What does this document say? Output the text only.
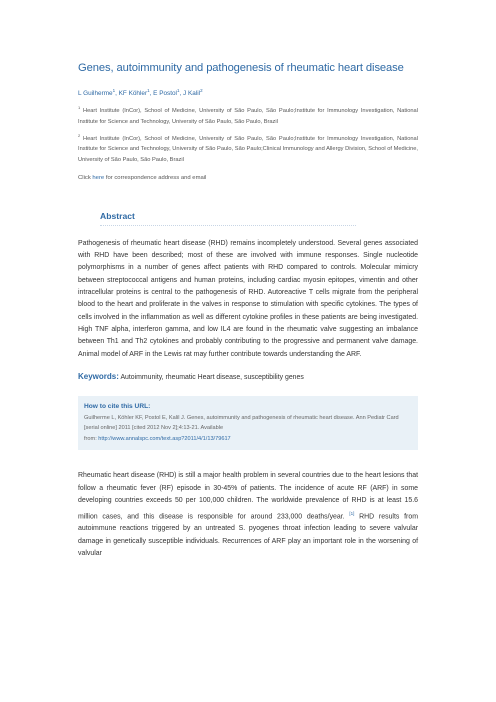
Genes, autoimmunity and pathogenesis of rheumatic heart disease
L Guilherme$^1$, KF Köhler$^1$, E Postol$^1$, J Kalil$^2$
$^1$ Heart Institute (InCor), School of Medicine, University of São Paulo, São Paulo;Institute for Immunology Investigation, National Institute for Science and Technology, University of São Paulo, São Paulo, Brazil
$^2$ Heart Institute (InCor), School of Medicine, University of São Paulo, São Paulo;Institute for Immunology Investigation, National Institute for Science and Technology, University of São Paulo, São Paulo;Clinical Immunology and Allergy Division, School of Medicine, University of São Paulo, São Paulo, Brazil
Click here for correspondence address and email
Abstract
Pathogenesis of rheumatic heart disease (RHD) remains incompletely understood. Several genes associated with RHD have been described; most of these are involved with immune responses. Single nucleotide polymorphisms in a number of genes affect patients with RHD compared to controls. Molecular mimicry between streptococcal antigens and human proteins, including cardiac myosin epitopes, vimentin and other intracellular proteins is central to the pathogenesis of RHD. Autoreactive T cells migrate from the peripheral blood to the heart and proliferate in the valves in response to stimulation with specific cytokines. The types of cells involved in the inflammation as well as different cytokine profiles in these patients are being investigated. High TNF alpha, interferon gamma, and low IL4 are found in the rheumatic valve suggesting an imbalance between Th1 and Th2 cytokines and probably contributing to the progressive and permanent valve damage. Animal model of ARF in the Lewis rat may further contribute towards understanding the ARF.
Keywords: Autoimmunity, rheumatic Heart disease, susceptibility genes
How to cite this URL:
Guilherme L, Köhler KF, Postol E, Kalil J. Genes, autoimmunity and pathogenesis of rheumatic heart disease. Ann Pediatr Card [serial online] 2011 [cited 2012 Nov 2];4:13-21. Available
from: http://www.annalspc.com/text.asp?2011/4/1/13/79617
Rheumatic heart disease (RHD) is still a major health problem in several countries due to the heart lesions that follow a rheumatic fever (RF) episode in 30-45% of patients. The incidence of acute RF (ARF) in some developing countries exceeds 50 per 100,000 children. The worldwide prevalence of RHD is at least 15.6 million cases, and this disease is responsible for around 233,000 deaths/year. [1] RHD results from autoimmune reactions triggered by an untreated S. pyogenes throat infection leading to severe valvular damage in genetically susceptible individuals. Recurrences of ARF play an important role in the worsening of valvular
